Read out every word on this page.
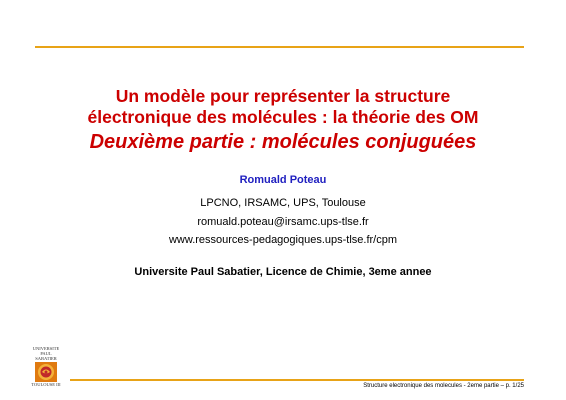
Un modèle pour représenter la structure
électronique des molécules : la théorie des OM
Deuxième partie : molécules conjuguées
Romuald Poteau
LPCNO, IRSAMC, UPS, Toulouse
romuald.poteau@irsamc.ups-tlse.fr
www.ressources-pedagogiques.ups-tlse.fr/cpm
Universite Paul Sabatier, Licence de Chimie, 3eme annee
UNIVERSITE
PAUL
SABATIER
TOULOUSE III	Structure electronique des molecules - 2eme partie – p. 1/25
